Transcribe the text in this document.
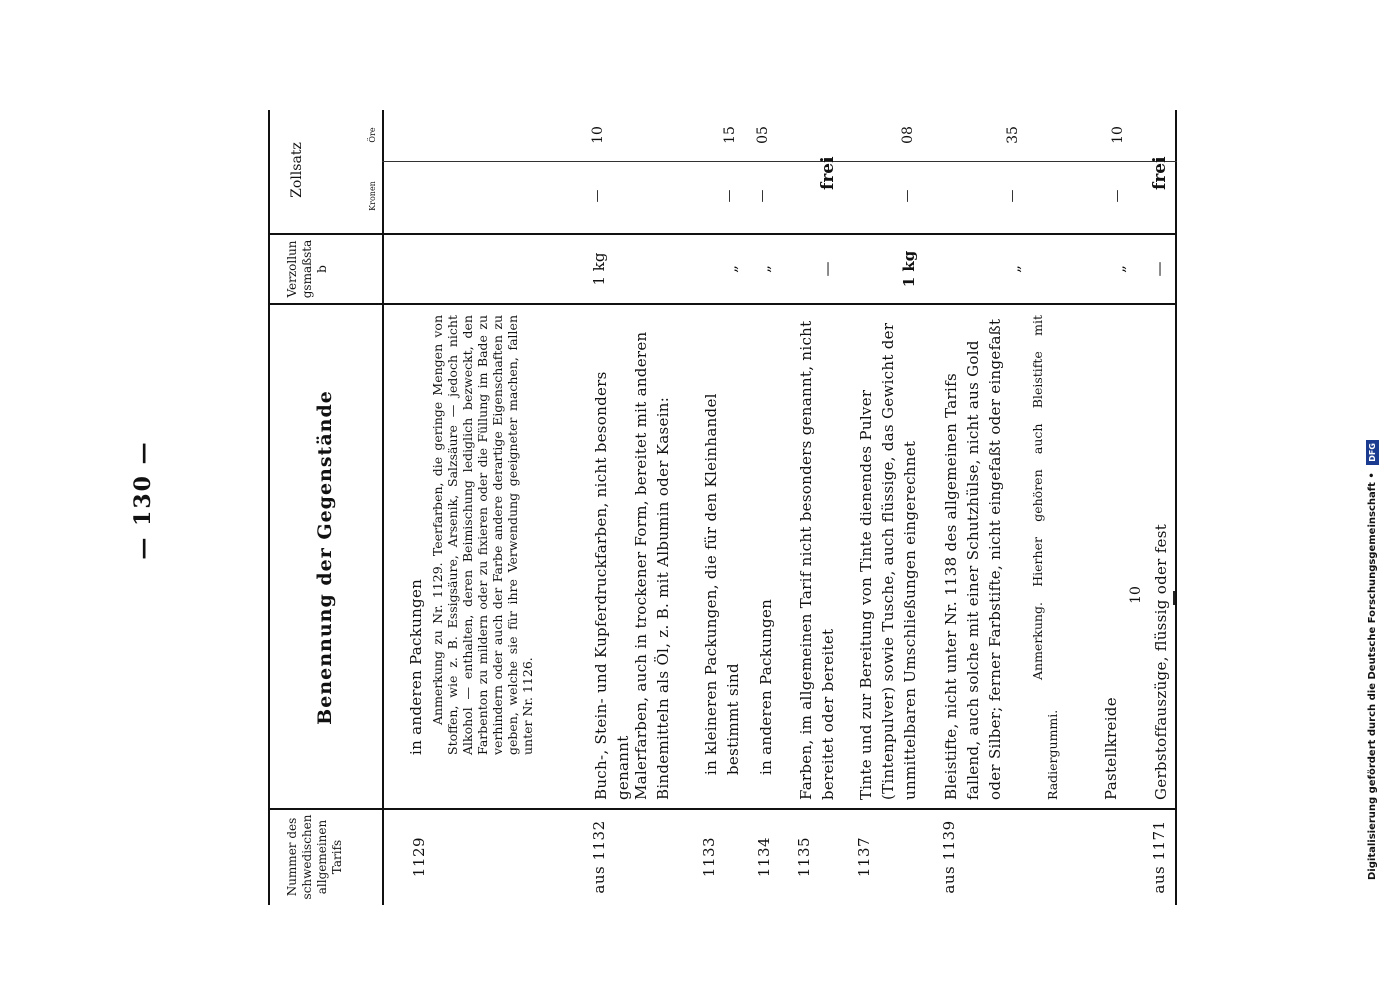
— 130 —
Nummer des schwedischen allgemeinen Tarifs
Benennung der Gegenstände
Verzollungsmaßstab
Zollsatz	Kronen
Öre
1129
in anderen Packungen Anmerkung zu Nr. 1129. Teerfarben, die geringe Mengen von Stoffen, wie z. B. Essigsäure, Arsenik, Salzsäure — jedoch nicht Alkohol — enthalten, deren Beimischung lediglich bezweckt, den Farbenton zu mildern oder zu fixieren oder die Füllung im Bade zu verhindern oder auch der Farbe andere derartige Eigenschaften zu geben, welche sie für ihre Verwendung geeigneter machen, fallen unter Nr. 1126.
10
aus 1132
Buch-, Stein- und Kupferdruckfarben, nicht besonders genannt
1 kg
—
10
Malerfarben, auch in trockener Form, bereitet mit anderen Bindemitteln als Öl, z. B. mit Albumin oder Kasein:
1133
in kleineren Packungen, die für den Kleinhandel bestimmt sind
„
—
15
1134
in anderen Packungen
„
—
05
1135
Farben, im allgemeinen Tarif nicht besonders genannt, nicht bereitet oder bereitet
—
frei
1137
Tinte und zur Bereitung von Tinte dienendes Pulver (Tintenpulver) sowie Tusche, auch flüssige, das Gewicht der unmittelbaren Umschließungen eingerechnet
1 kg
—
08
aus 1139
Bleistifte, nicht unter Nr. 1138 des allgemeinen Tarifs fallend, auch solche mit einer Schutzhülse, nicht aus Gold oder Silber; ferner Farbstifte, nicht eingefaßt oder eingefaßt Anmerkung. Hierher gehören auch Bleistifte mit Radiergummi.
„
—
35
Pastellkreide
„
—
10
aus 1171
Gerbstoffauszüge, flüssig oder fest
—
frei
Digitalisierung gefördert durch die Deutsche Forschungsgemeinschaft • DFG
